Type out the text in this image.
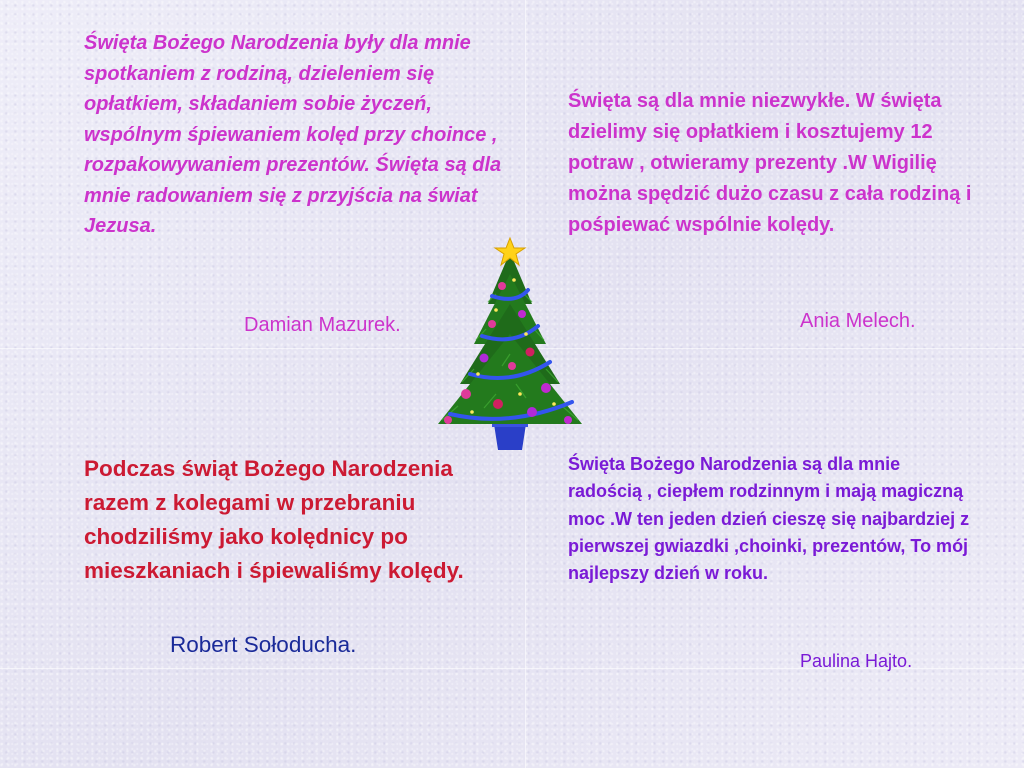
Święta Bożego Narodzenia były dla mnie spotkaniem z rodziną, dzieleniem się opłatkiem, składaniem sobie życzeń, wspólnym śpiewaniem kolęd przy choince , rozpakowywaniem prezentów. Święta są dla mnie radowaniem się z przyjścia na świat Jezusa.
Damian Mazurek.
Święta są dla mnie niezwykłe. W święta dzielimy się opłatkiem i kosztujemy 12 potraw , otwieramy prezenty .W Wigilię można spędzić dużo czasu z cała rodziną i pośpiewać wspólnie kolędy.
Ania Melech.
Podczas świąt Bożego Narodzenia razem z kolegami w przebraniu chodziliśmy jako kolędnicy po mieszkaniach i śpiewaliśmy kolędy.
Robert Sołoducha.
Święta Bożego Narodzenia są dla mnie radością , ciepłem rodzinnym i mają magiczną moc .W ten jeden dzień cieszę się najbardziej z pierwszej gwiazdki ,choinki, prezentów, To mój najlepszy dzień w roku.
Paulina Hajto.
